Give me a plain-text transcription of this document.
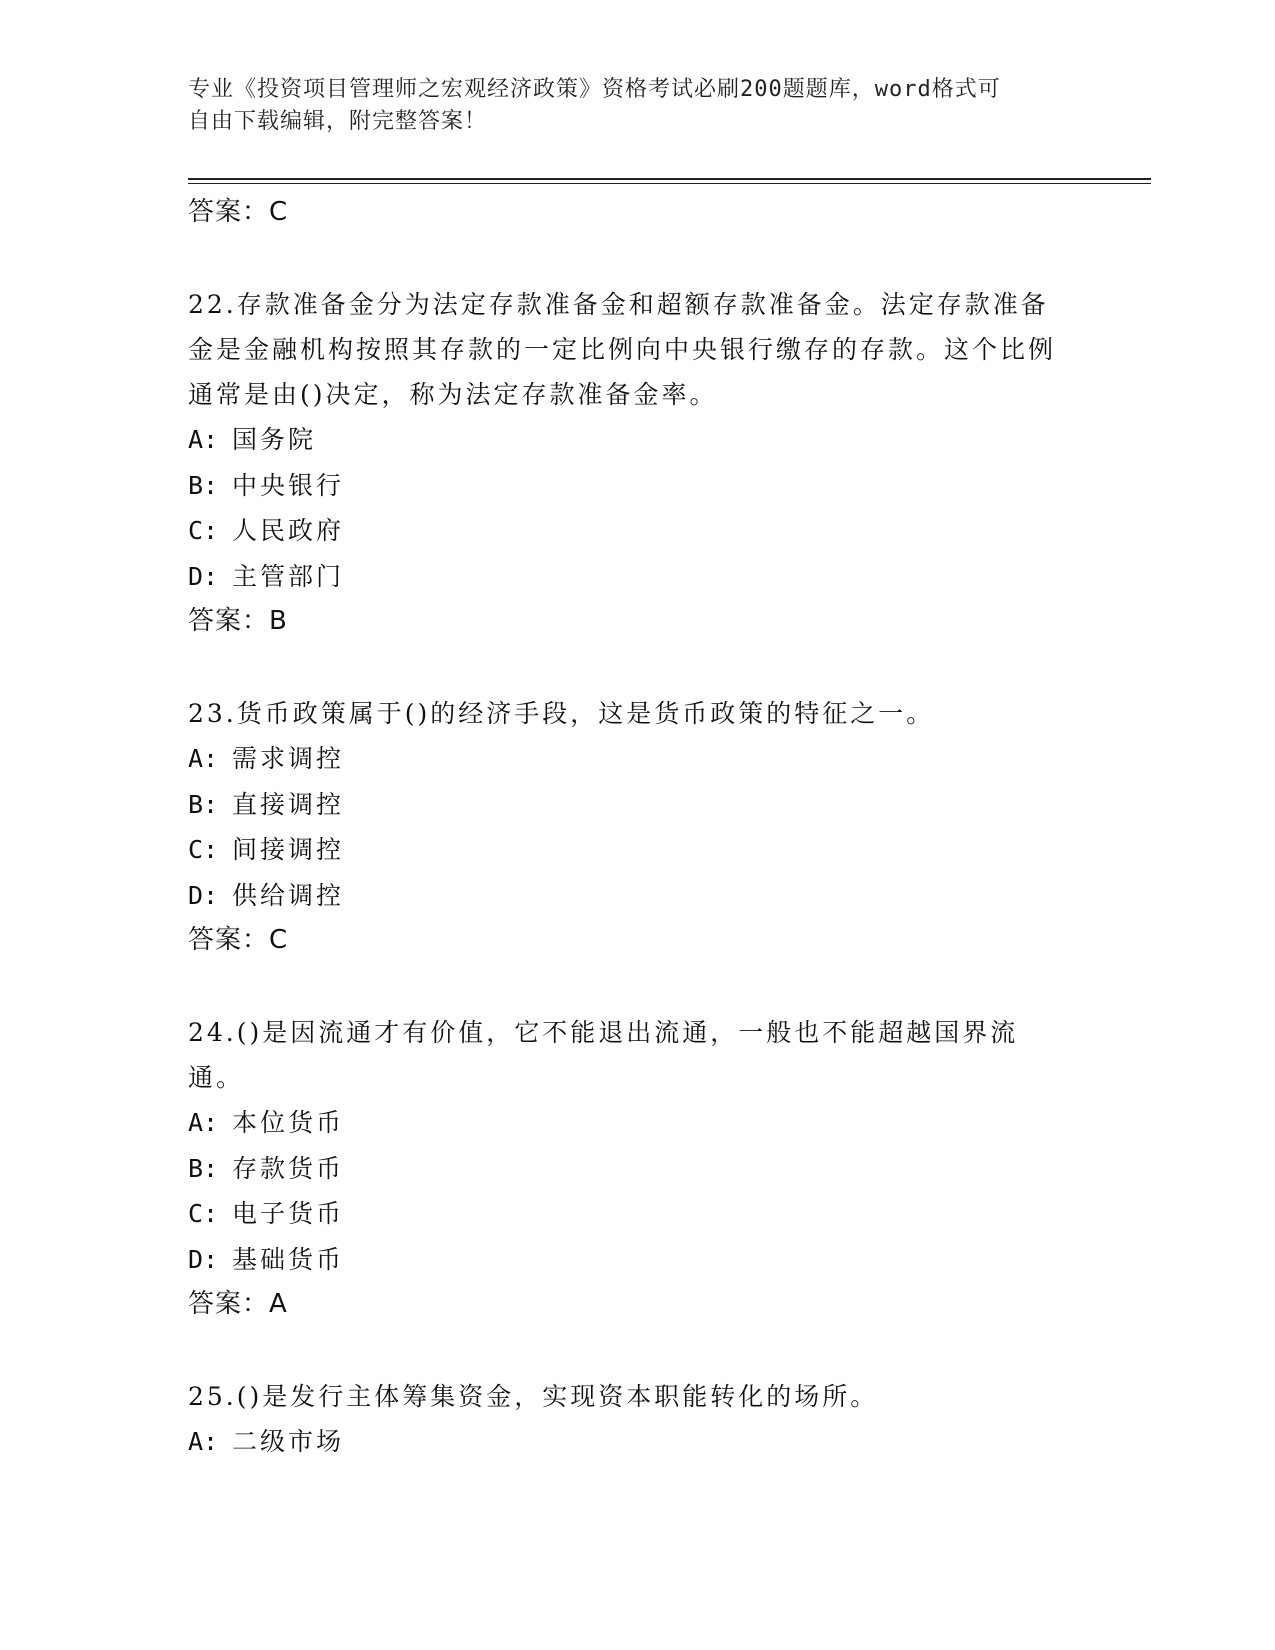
专业《投资项目管理师之宏观经济政策》资格考试必刷200题题库，word格式可
自由下载编辑，附完整答案！
答案：C
22.存款准备金分为法定存款准备金和超额存款准备金。法定存款准备金是金融机构按照其存款的一定比例向中央银行缴存的存款。这个比例通常是由()决定，称为法定存款准备金率。
A: 国务院
B: 中央银行
C: 人民政府
D: 主管部门
答案：B
23.货币政策属于()的经济手段，这是货币政策的特征之一。
A: 需求调控
B: 直接调控
C: 间接调控
D: 供给调控
答案：C
24.()是因流通才有价值，它不能退出流通，一般也不能超越国界流通。
A: 本位货币
B: 存款货币
C: 电子货币
D: 基础货币
答案：A
25.()是发行主体筹集资金，实现资本职能转化的场所。
A: 二级市场
